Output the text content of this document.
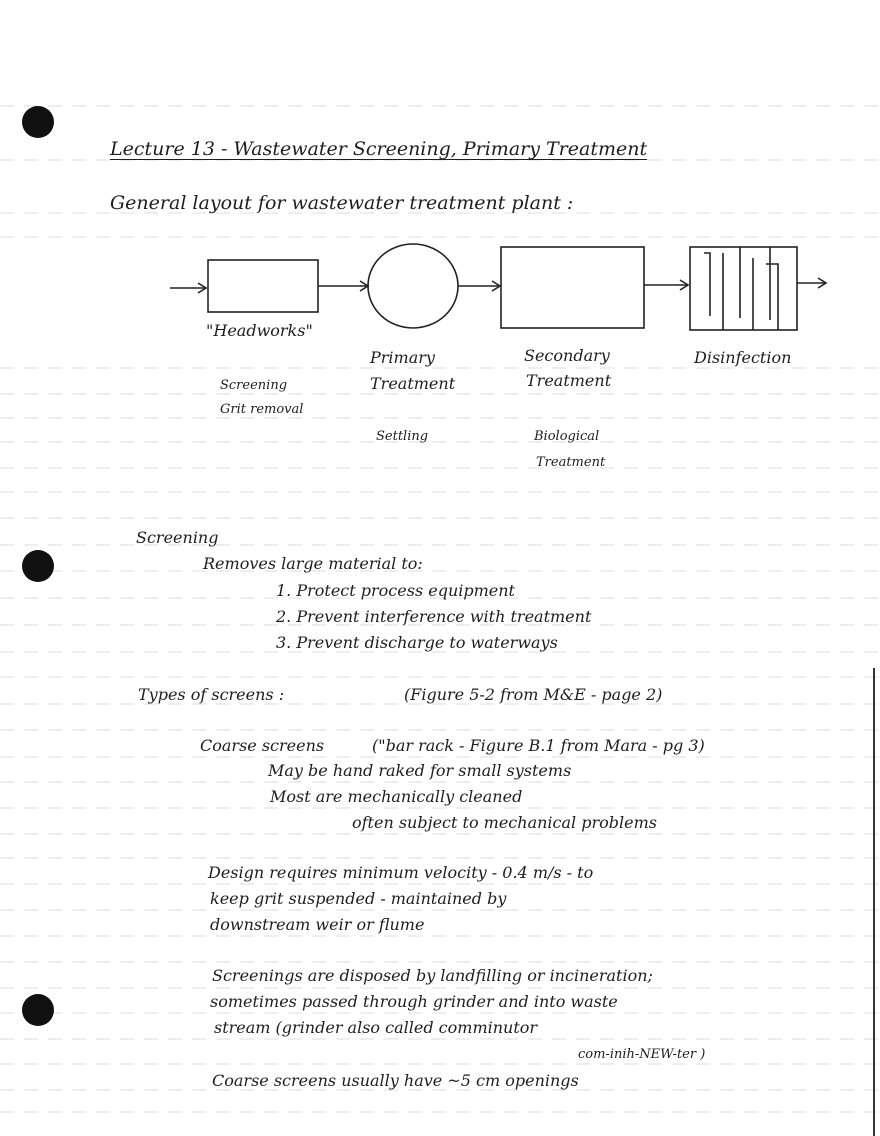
Lecture 13 - Wastewater Screening, Primary Treatment
General layout for wastewater treatment plant :
"Headworks"
Screening
Grit removal
Primary
Treatment
Settling
Secondary
Treatment
Biological
Treatment
Disinfection
Screening
Removes large material to:
1. Protect process equipment
2. Prevent interference with treatment
3. Prevent discharge to waterways
Types of screens :	(Figure 5-2 from M&E - page 2)
Coarse screens	("bar rack - Figure B.1 from Mara - pg 3)
May be hand raked for small systems
Most are mechanically cleaned
often subject to mechanical problems
Design requires minimum velocity - 0.4 m/s - to
keep grit suspended - maintained by
downstream weir or flume
Screenings are disposed by landfilling or incineration;
sometimes passed through grinder and into waste
stream (grinder also called comminutor
com-inih-NEW-ter )
Coarse screens usually have ~5 cm openings
